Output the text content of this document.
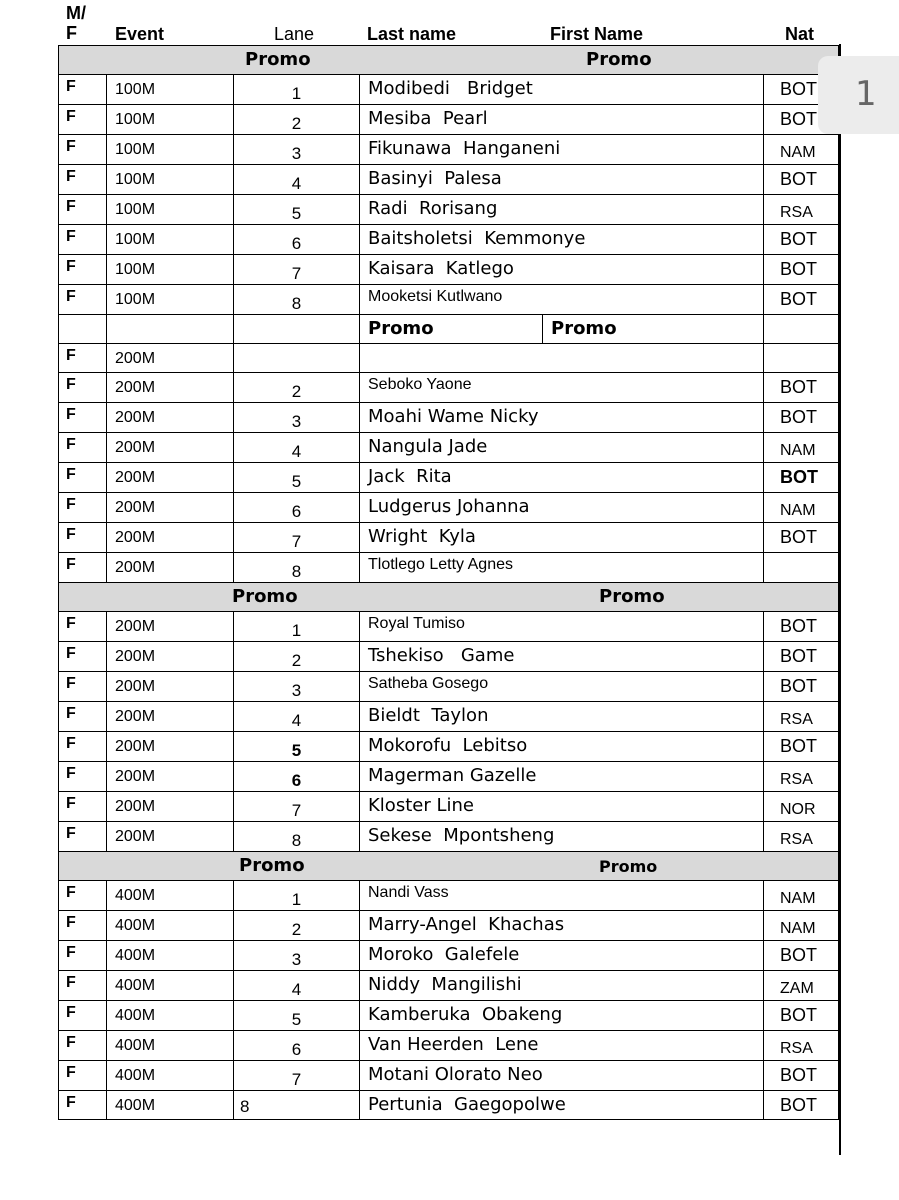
M/
F	Event	Lane	Last name	First Name	Nat
Promo Promo					

F	100M	1	Modibedi   Bridget		BOT

F	100M	2	Mesiba  Pearl		BOT

F	100M	3	Fikunawa  Hanganeni		NAM

F	100M	4	Basinyi  Palesa		BOT

F	100M	5	Radi  Rorisang		RSA

F	100M	6	Baitsholetsi  Kemmonye		BOT

F	100M	7	Kaisara  Katlego		BOT

F	100M	8	Mooketsi Kutlwano		BOT

			Promo	Promo	

F	200M				

F	200M	2	Seboko Yaone		BOT

F	200M	3	Moahi Wame Nicky		BOT

F	200M	4	Nangula Jade		NAM

F	200M	5	Jack  Rita		BOT

F	200M	6	Ludgerus Johanna		NAM

F	200M	7	Wright  Kyla		BOT

F	200M	8	Tlotlego Letty Agnes		

Promo Promo					

F	200M	1	Royal Tumiso		BOT

F	200M	2	Tshekiso   Game		BOT

F	200M	3	Satheba Gosego		BOT

F	200M	4	Bieldt  Taylon		RSA

F	200M	5	Mokorofu  Lebitso		BOT

F	200M	6	Magerman Gazelle		RSA

F	200M	7	Kloster Line		NOR

F	200M	8	Sekese  Mpontsheng		RSA

Promo Promo					

F	400M	1	Nandi Vass		NAM

F	400M	2	Marry-Angel  Khachas		NAM

F	400M	3	Moroko  Galefele		BOT

F	400M	4	Niddy  Mangilishi		ZAM

F	400M	5	Kamberuka  Obakeng		BOT

F	400M	6	Van Heerden  Lene		RSA

F	400M	7	Motani Olorato Neo		BOT

F	400M	8	Pertunia  Gaegopolwe		BOT
1
